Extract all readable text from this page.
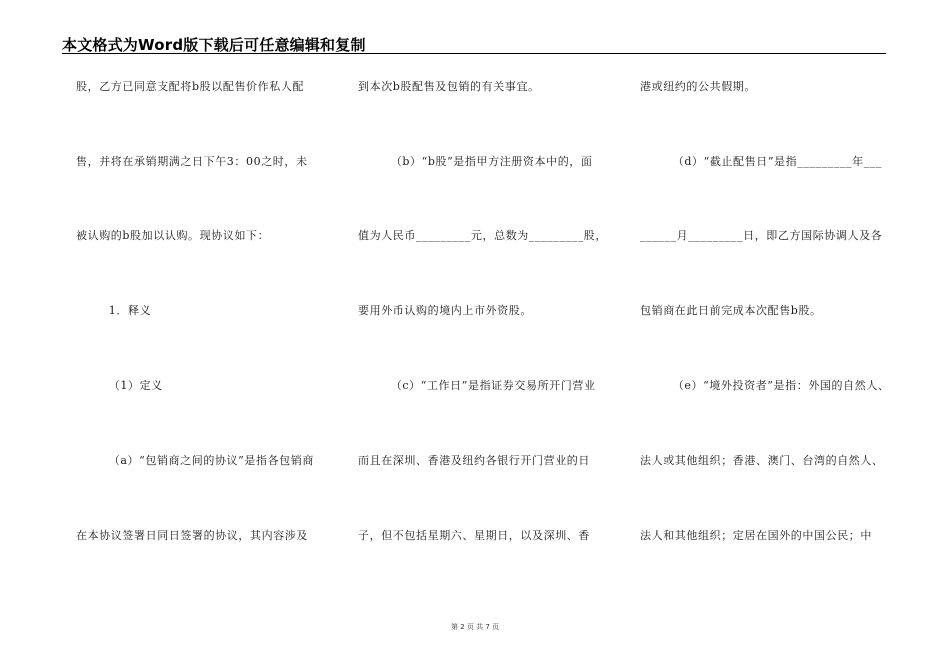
本文格式为Word版下载后可任意编辑和复制
股，乙方已同意支配将b股以配售价作私人配
售，并将在承销期满之日下午3：00之时，未
被认购的b股加以认购。现协议如下：
1．释义
（1）定义
（a）“包销商之间的协议”是指各包销商
在本协议签署日同日签署的协议，其内容涉及
到本次b股配售及包销的有关事宜。
（b）“b股”是指甲方注册资本中的，面
值为人民币_________元，总数为_________股，
要用外币认购的境内上市外资股。
（c）“工作日”是指证券交易所开门营业
而且在深圳、香港及纽约各银行开门营业的日
子，但不包括星期六、星期日，以及深圳、香
港或纽约的公共假期。
（d）“截止配售日”是指_________年___
______月_________日，即乙方国际协调人及各
包销商在此日前完成本次配售b股。
（e）“境外投资者”是指：外国的自然人、
法人或其他组织；香港、澳门、台湾的自然人、
法人和其他组织；定居在国外的中国公民；中
第 2 页 共 7 页
